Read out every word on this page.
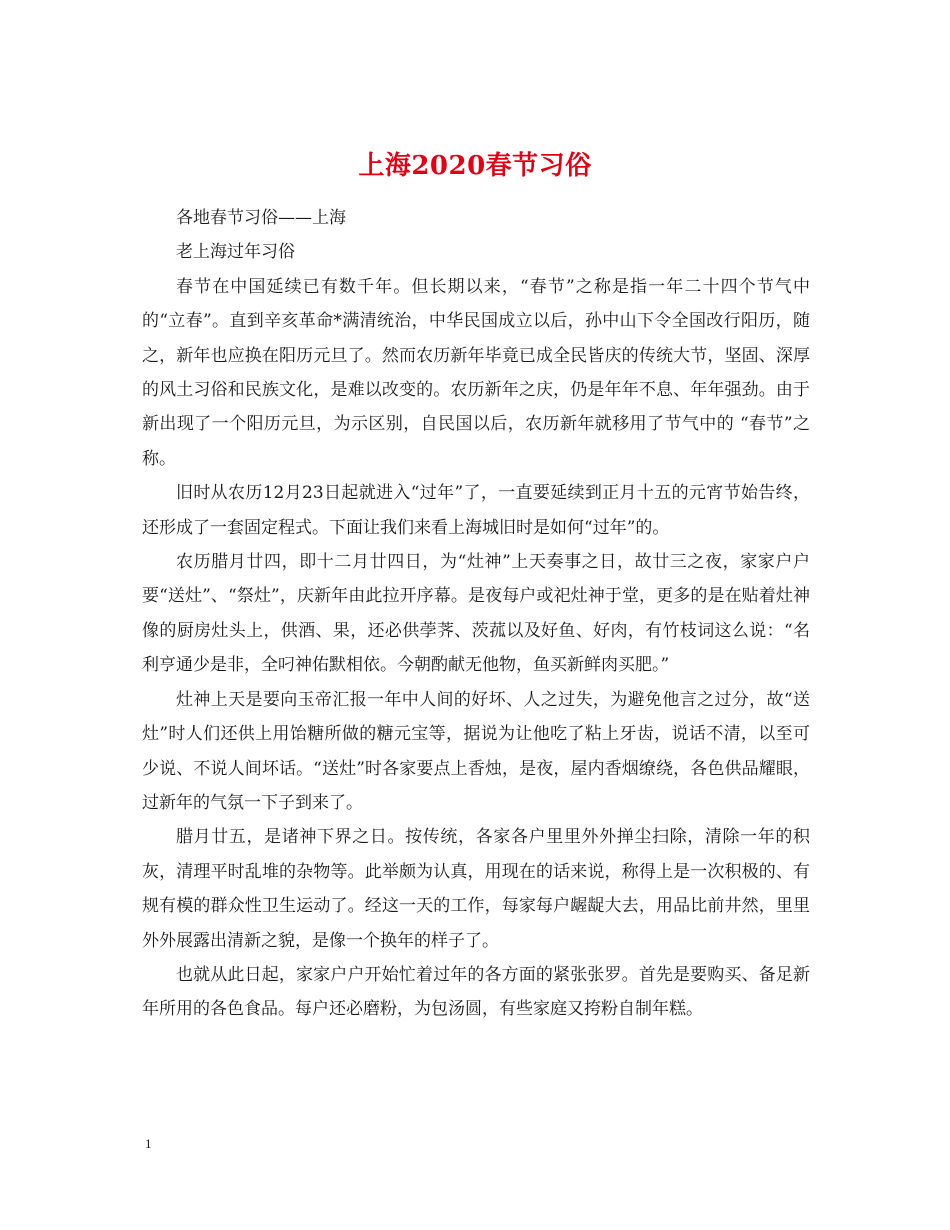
上海2020春节习俗

各地春节习俗——上海

老上海过年习俗

春节在中国延续已有数千年。但长期以来，“春节”之称是指一年二十四个节气中的“立春”。直到辛亥革命*满清统治，中华民国成立以后，孙中山下令全国改行阳历，随之，新年也应换在阳历元旦了。然而农历新年毕竟已成全民皆庆的传统大节，坚固、深厚的风土习俗和民族文化，是难以改变的。农历新年之庆，仍是年年不息、年年强劲。由于新出现了一个阳历元旦，为示区别，自民国以后，农历新年就移用了节气中的 “春节”之称。

旧时从农历12月23日起就进入“过年”了，一直要延续到正月十五的元宵节始告终，还形成了一套固定程式。下面让我们来看上海城旧时是如何“过年”的。

农历腊月廿四，即十二月廿四日，为“灶神”上天奏事之日，故廿三之夜，家家户户要“送灶”、“祭灶”，庆新年由此拉开序幕。是夜每户或祀灶神于堂，更多的是在贴着灶神像的厨房灶头上，供酒、果，还必供荸荠、茨菰以及好鱼、好肉，有竹枝词这么说：“名利亨通少是非，全叼神佑默相依。今朝酌献无他物，鱼买新鲜肉买肥。”

灶神上天是要向玉帝汇报一年中人间的好坏、人之过失，为避免他言之过分，故“送灶”时人们还供上用饴糖所做的糖元宝等，据说为让他吃了粘上牙齿，说话不清，以至可少说、不说人间坏话。“送灶”时各家要点上香烛，是夜，屋内香烟缭绕，各色供品耀眼，过新年的气氛一下子到来了。

腊月廿五，是诸神下界之日。按传统，各家各户里里外外掸尘扫除，清除一年的积灰，清理平时乱堆的杂物等。此举颇为认真，用现在的话来说，称得上是一次积极的、有规有模的群众性卫生运动了。经这一天的工作，每家每户龌龊大去，用品比前井然，里里外外展露出清新之貌，是像一个换年的样子了。

也就从此日起，家家户户开始忙着过年的各方面的紧张张罗。首先是要购买、备足新年所用的各色食品。每户还必磨粉，为包汤圆，有些家庭又挎粉自制年糕。

1
